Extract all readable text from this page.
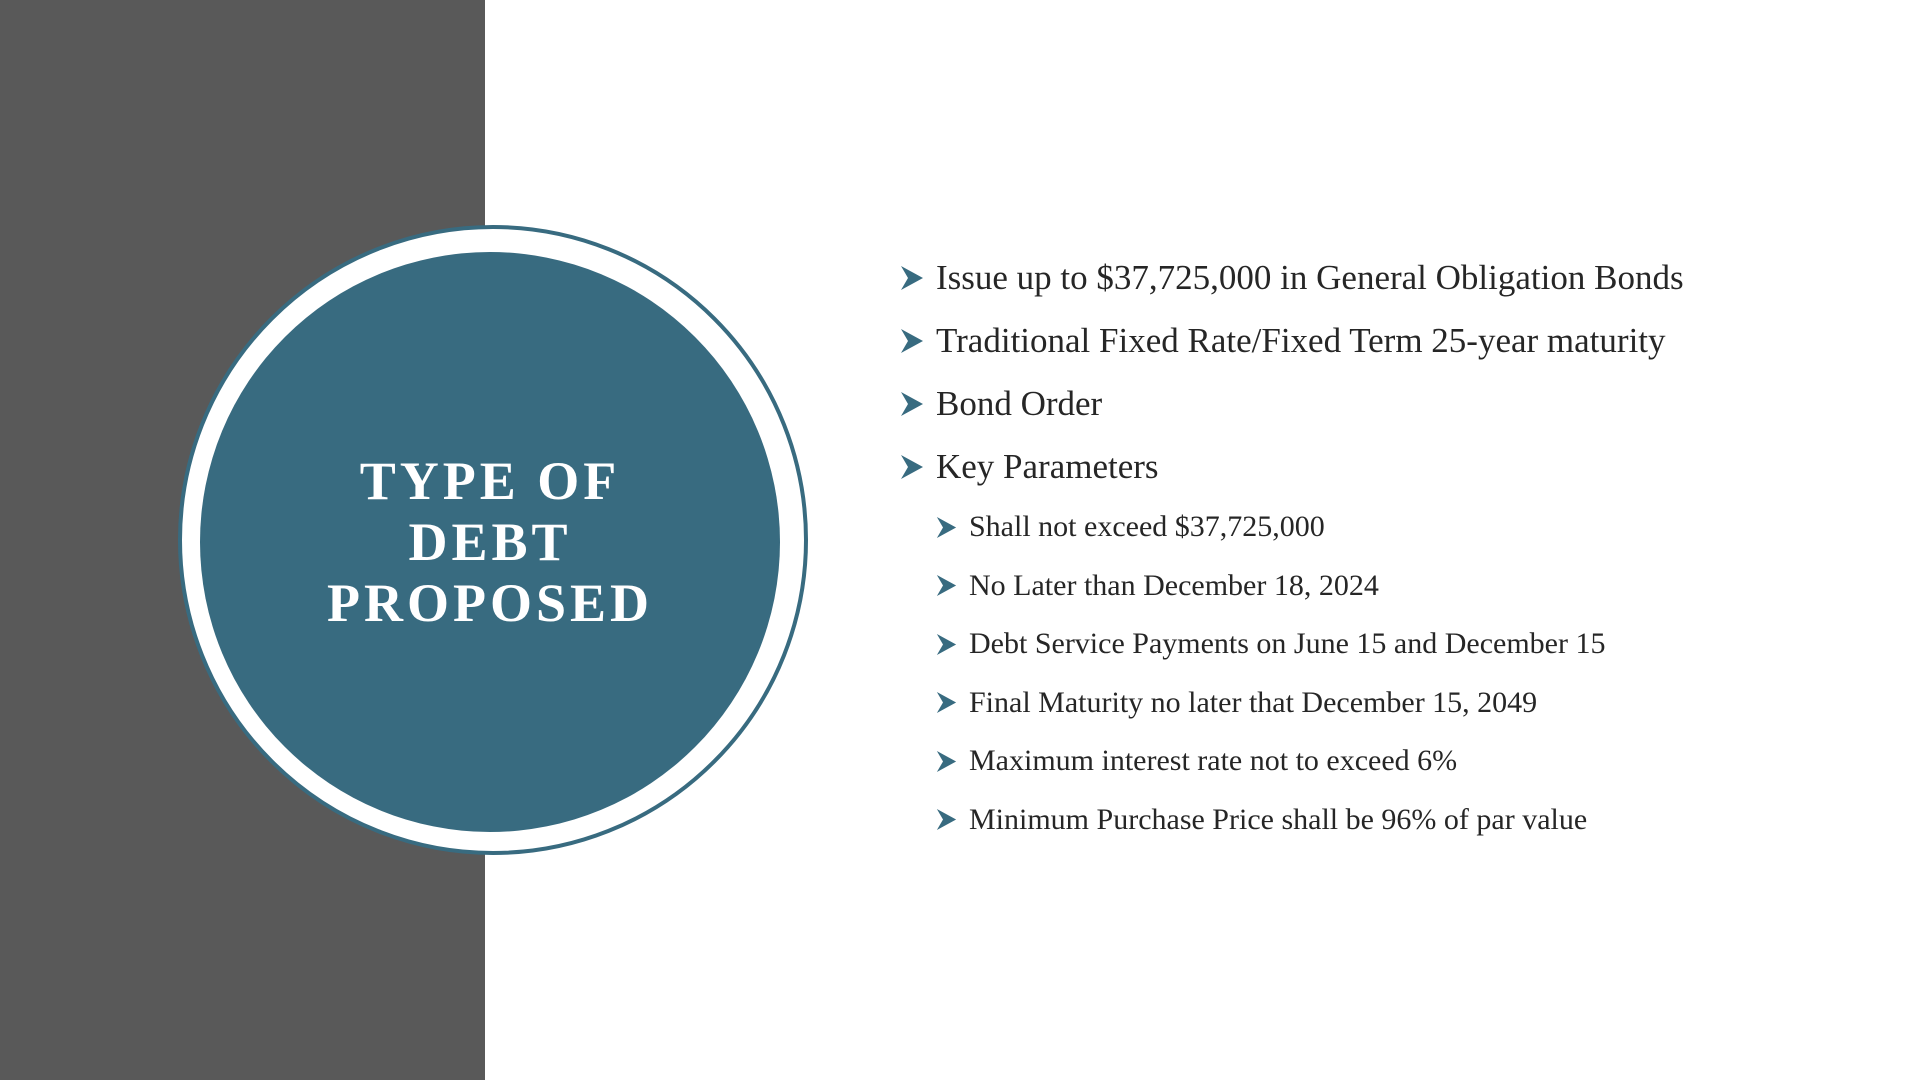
TYPE OF DEBT PROPOSED
Issue up to $37,725,000 in General Obligation Bonds
Traditional Fixed Rate/Fixed Term 25-year maturity
Bond Order
Key Parameters
Shall not exceed $37,725,000
No Later than December 18, 2024
Debt Service Payments on June 15 and December 15
Final Maturity no later that December 15, 2049
Maximum interest rate not to exceed 6%
Minimum Purchase Price shall be 96% of par value
